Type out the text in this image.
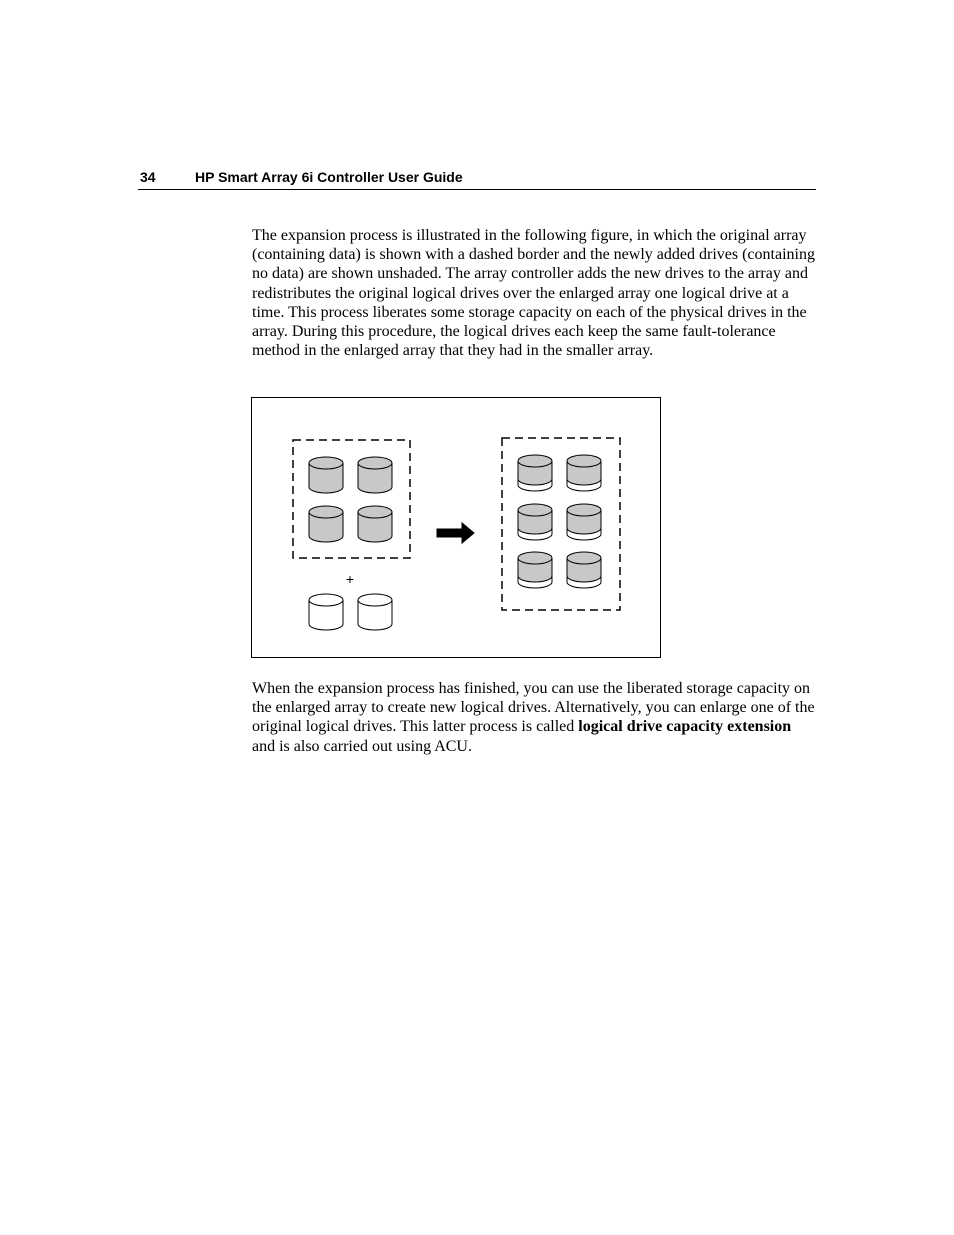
34	HP Smart Array 6i Controller User Guide

The expansion process is illustrated in the following figure, in which the original array (containing data) is shown with a dashed border and the newly added drives (containing no data) are shown unshaded. The array controller adds the new drives to the array and redistributes the original logical drives over the enlarged array one logical drive at a time. This process liberates some storage capacity on each of the physical drives in the array. During this procedure, the logical drives each keep the same fault-tolerance method in the enlarged array that they had in the smaller array.

+

When the expansion process has finished, you can use the liberated storage capacity on the enlarged array to create new logical drives. Alternatively, you can enlarge one of the original logical drives. This latter process is called logical drive capacity extension and is also carried out using ACU.
